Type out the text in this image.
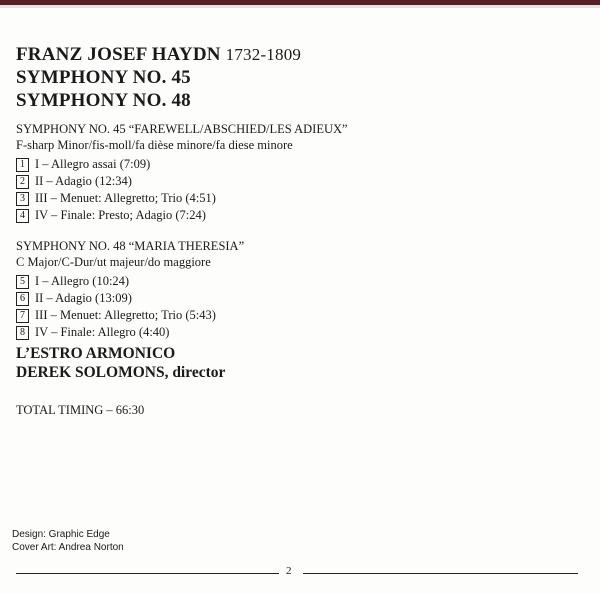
FRANZ JOSEF HAYDN 1732-1809
SYMPHONY NO. 45
SYMPHONY NO. 48
SYMPHONY NO. 45 “FAREWELL/ABSCHIED/LES ADIEUX”
F-sharp Minor/fis-moll/fa dièse minore/fa diese minore
1 I – Allegro assai (7:09)
2 II – Adagio (12:34)
3 III – Menuet: Allegretto; Trio (4:51)
4 IV – Finale: Presto; Adagio (7:24)
SYMPHONY NO. 48 “MARIA THERESIA”
C Major/C-Dur/ut majeur/do maggiore
5 I – Allegro (10:24)
6 II – Adagio (13:09)
7 III – Menuet: Allegretto; Trio (5:43)
8 IV – Finale: Allegro (4:40)
L’ESTRO ARMONICO
DEREK SOLOMONS, director
TOTAL TIMING – 66:30
Design: Graphic Edge
Cover Art: Andrea Norton
2
